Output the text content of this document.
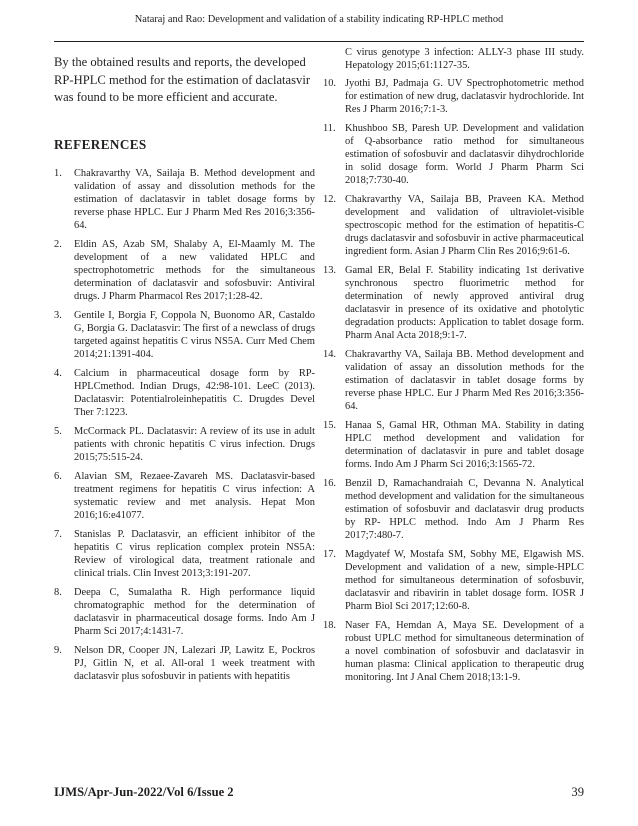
Nataraj and Rao: Development and validation of a stability indicating RP-HPLC method

By the obtained results and reports, the developed RP-HPLC method for the estimation of daclatasvir was found to be more efficient and accurate.

REFERENCES
1.	Chakravarthy VA, Sailaja B. Method development and validation of assay and dissolution methods for the estimation of daclatasvir in tablet dosage forms by reverse phase HPLC. Eur J Pharm Med Res 2016;3:356-64.
2.	Eldin AS, Azab SM, Shalaby A, El-Maamly M. The development of a new validated HPLC and spectrophotometric methods for the simultaneous determination of daclatasvir and sofosbuvir: Antiviral drugs. J Pharm Pharmacol Res 2017;1:28-42.
3.	Gentile I, Borgia F, Coppola N, Buonomo AR, Castaldo G, Borgia G. Daclatasvir: The first of a newclass of drugs targeted against hepatitis C virus NS5A. Curr Med Chem 2014;21:1391-404.
4.	Calcium in pharmaceutical dosage form by RP-HPLCmethod. Indian Drugs, 42:98-101. LeeC (2013). Daclatasvir: Potentialroleinhepatitis C. Drugdes Devel Ther 7:1223.
5.	McCormack PL. Daclatasvir: A review of its use in adult patients with chronic hepatitis C virus infection. Drugs 2015;75:515-24.
6.	Alavian SM, Rezaee-Zavareh MS. Daclatasvir-based treatment regimens for hepatitis C virus infection: A systematic review and met analysis. Hepat Mon 2016;16:e41077.
7.	Stanislas P. Daclatasvir, an efficient inhibitor of the hepatitis C virus replication complex protein NS5A: Review of virological data, treatment rationale and clinical trials. Clin Invest 2013;3:191-207.
8.	Deepa C, Sumalatha R. High performance liquid chromatographic method for the determination of daclatasvir in pharmaceutical dosage forms. Indo Am J Pharm Sci 2017;4:1431-7.
9.	Nelson DR, Cooper JN, Lalezari JP, Lawitz E, Pockros PJ, Gitlin N, et al. All-oral 1 week treatment with daclatasvir plus sofosbuvir in patients with hepatitis
C virus genotype 3 infection: ALLY-3 phase III study. Hepatology 2015;61:1127-35.
10. Jyothi BJ, Padmaja G. UV Spectrophotometric method for estimation of new drug, daclatasvir hydrochloride. Int Res J Pharm 2016;7:1-3.
11. Khushboo SB, Paresh UP. Development and validation of Q-absorbance ratio method for simultaneous estimation of sofosbuvir and daclatasvir dihydrochloride in solid dosage form. World J Pharm Pharm Sci 2018;7:730-40.
12. Chakravarthy VA, Sailaja BB, Praveen KA. Method development and validation of ultraviolet-visible spectroscopic method for the estimation of hepatitis-C drugs daclatasvir and sofosbuvir in active pharmaceutical ingredient form. Asian J Pharm Clin Res 2016;9:61-6.
13. Gamal ER, Belal F. Stability indicating 1st derivative synchronous spectro fluorimetric method for determination of newly approved antiviral drug daclatasvir in presence of its oxidative and photolytic degradation products: Application to tablet dosage form. Pharm Anal Acta 2018;9:1-7.
14. Chakravarthy VA, Sailaja BB. Method development and validation of assay an dissolution methods for the estimation of daclatasvir in tablet dosage forms by reverse phase HPLC. Eur J Pharm Med Res 2016;3:356-64.
15. Hanaa S, Gamal HR, Othman MA. Stability in dating HPLC method development and validation for determination of daclatasvir in pure and tablet dosage forms. Indo Am J Pharm Sci 2016;3:1565-72.
16. Benzil D, Ramachandraiah C, Devanna N. Analytical method development and validation for the simultaneous estimation of sofosbuvir and daclatasvir drug products by RP- HPLC method. Indo Am J Pharm Res 2017;7:480-7.
17. Magdyatef W, Mostafa SM, Sobhy ME, Elgawish MS. Development and validation of a new, simple-HPLC method for simultaneous determination of sofosbuvir, daclatasvir and ribavirin in tablet dosage form. IOSR J Pharm Biol Sci 2017;12:60-8.
18. Naser FA, Hemdan A, Maya SE. Development of a robust UPLC method for simultaneous determination of a novel combination of sofosbuvir and daclatasvir in human plasma: Clinical application to therapeutic drug monitoring. Int J Anal Chem 2018;13:1-9.
IJMS/Apr-Jun-2022/Vol 6/Issue 2	39
